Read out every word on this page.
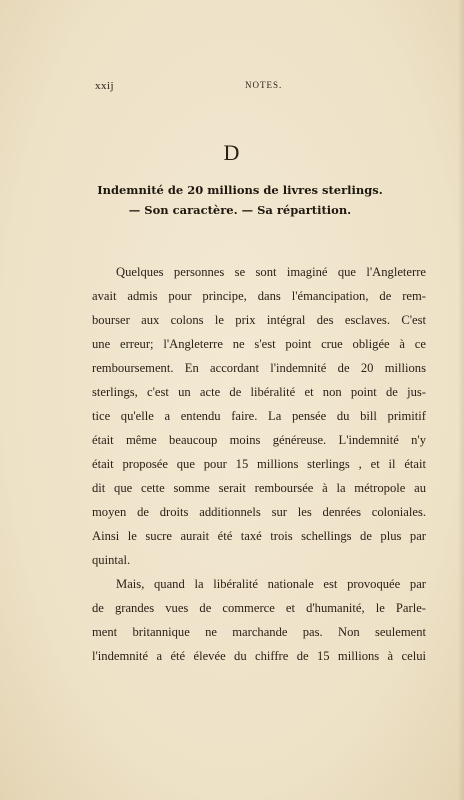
xxij	NOTES.
D
Indemnité de 20 millions de livres sterlings.
— Son caractère. — Sa répartition.
Quelques personnes se sont imaginé que l'Angleterre
avait admis pour principe, dans l'émancipation, de rem-
bourser aux colons le prix intégral des esclaves. C'est
une erreur; l'Angleterre ne s'est point crue obligée à ce
remboursement. En accordant l'indemnité de 20 millions
sterlings, c'est un acte de libéralité et non point de jus-
tice qu'elle a entendu faire. La pensée du bill primitif
était même beaucoup moins généreuse. L'indemnité n'y
était proposée que pour 15 millions sterlings , et il était
dit que cette somme serait remboursée à la métropole au
moyen de droits additionnels sur les denrées coloniales.
Ainsi le sucre aurait été taxé trois schellings de plus par
quintal.
Mais, quand la libéralité nationale est provoquée par
de grandes vues de commerce et d'humanité, le Parle-
ment britannique ne marchande pas. Non seulement
l'indemnité a été élevée du chiffre de 15 millions à celui
